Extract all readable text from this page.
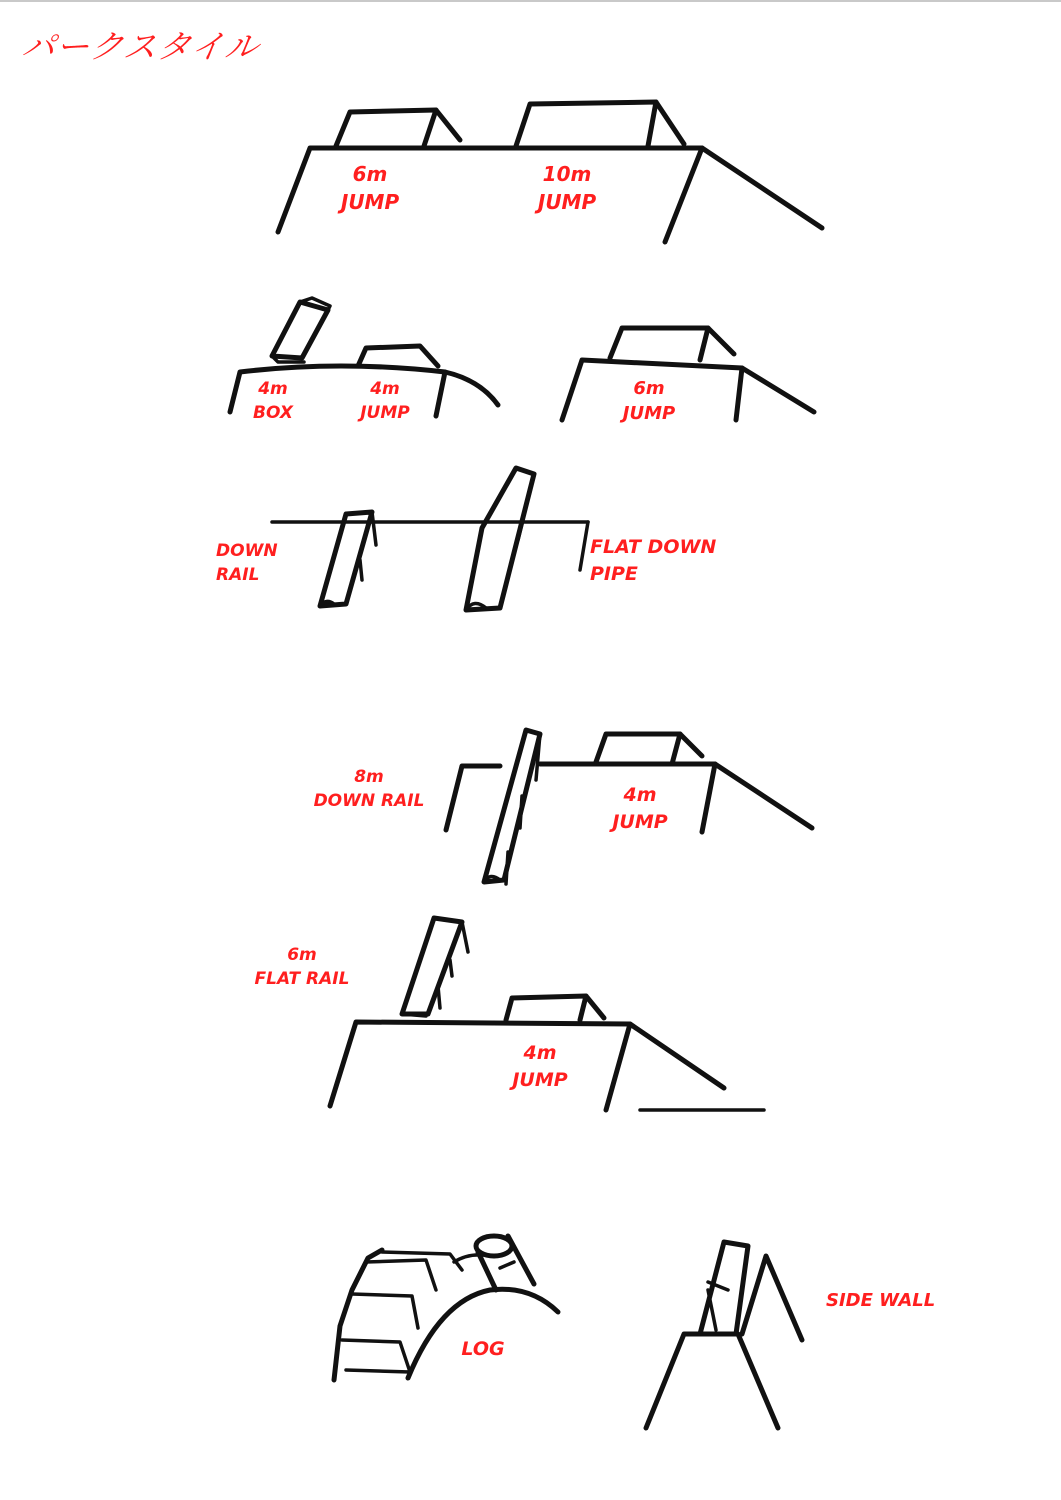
パークスタイル

6m
JUMP
10m
JUMP
4m
BOX
4m
JUMP
6m
JUMP
DOWN
RAIL
FLAT DOWN
PIPE
8m
DOWN RAIL	4m
JUMP
6m
FLAT RAIL
4m
JUMP
LOG
SIDE WALL
